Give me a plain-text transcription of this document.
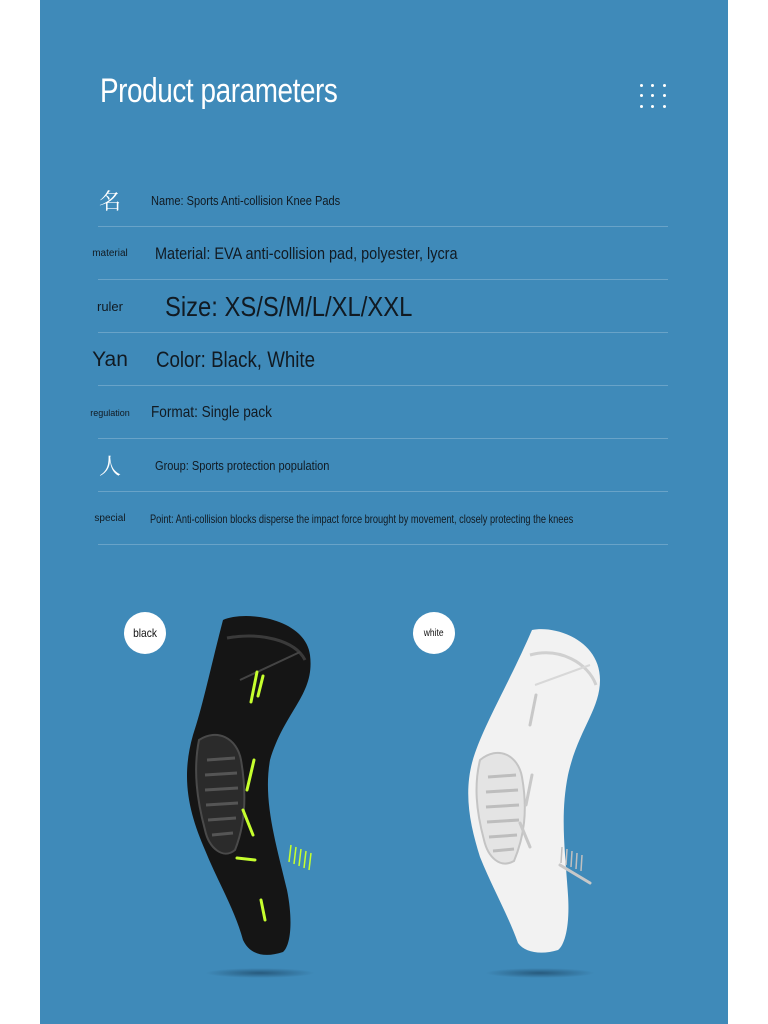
Product parameters
名	Name: Sports Anti-collision Knee Pads
material Material: EVA anti-collision pad, polyester, lycra
ruler Size: XS/S/M/L/XL/XXL
Yan Color: Black, White
regulation Format: Single pack
人	Group: Sports protection population
special	Point: Anti-collision blocks disperse the impact force brought by movement, closely protecting the knees
black	white
